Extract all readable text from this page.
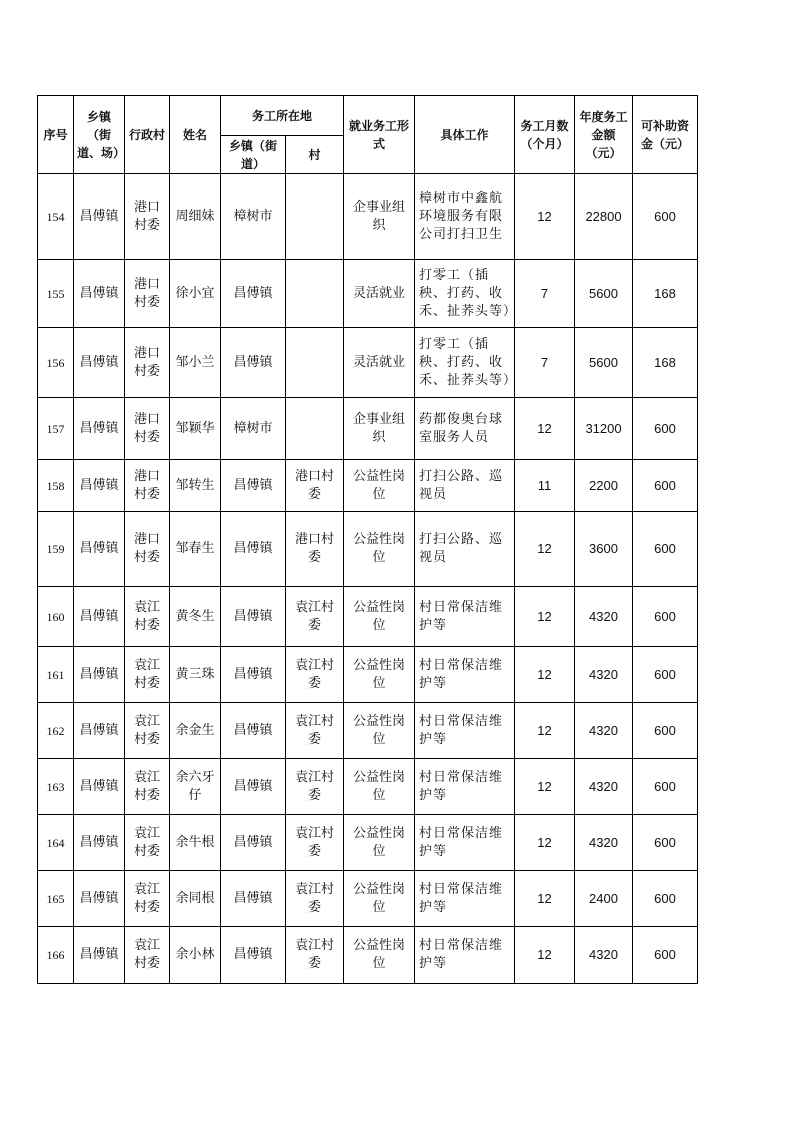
序号	乡镇（街道、场）	行政村	姓名	务工所在地		就业务工形式	具体工作	务工月数（个月）	年度务工金额（元）	可补助资金（元）
				乡镇（街道）	村					
154	昌傅镇	港口村委	周细妹	樟树市		企事业组织	樟树市中鑫航环境服务有限公司打扫卫生	12	22800	600
155	昌傅镇	港口村委	徐小宜	昌傅镇		灵活就业	打零工（插秧、打药、收禾、扯荞头等）	7	5600	168
156	昌傅镇	港口村委	邹小兰	昌傅镇		灵活就业	打零工（插秧、打药、收禾、扯荞头等）	7	5600	168
157	昌傅镇	港口村委	邹颖华	樟树市		企事业组织	药都俊奥台球室服务人员	12	31200	600
158	昌傅镇	港口村委	邹转生	昌傅镇	港口村委	公益性岗位	打扫公路、巡视员	11	2200	600
159	昌傅镇	港口村委	邹春生	昌傅镇	港口村委	公益性岗位	打扫公路、巡视员	12	3600	600
160	昌傅镇	袁江村委	黄冬生	昌傅镇	袁江村委	公益性岗位	村日常保洁维护等	12	4320	600
161	昌傅镇	袁江村委	黄三珠	昌傅镇	袁江村委	公益性岗位	村日常保洁维护等	12	4320	600
162	昌傅镇	袁江村委	余金生	昌傅镇	袁江村委	公益性岗位	村日常保洁维护等	12	4320	600
163	昌傅镇	袁江村委	余六牙仔	昌傅镇	袁江村委	公益性岗位	村日常保洁维护等	12	4320	600
164	昌傅镇	袁江村委	余牛根	昌傅镇	袁江村委	公益性岗位	村日常保洁维护等	12	4320	600
165	昌傅镇	袁江村委	余同根	昌傅镇	袁江村委	公益性岗位	村日常保洁维护等	12	2400	600
166	昌傅镇	袁江村委	余小林	昌傅镇	袁江村委	公益性岗位	村日常保洁维护等	12	4320	600
